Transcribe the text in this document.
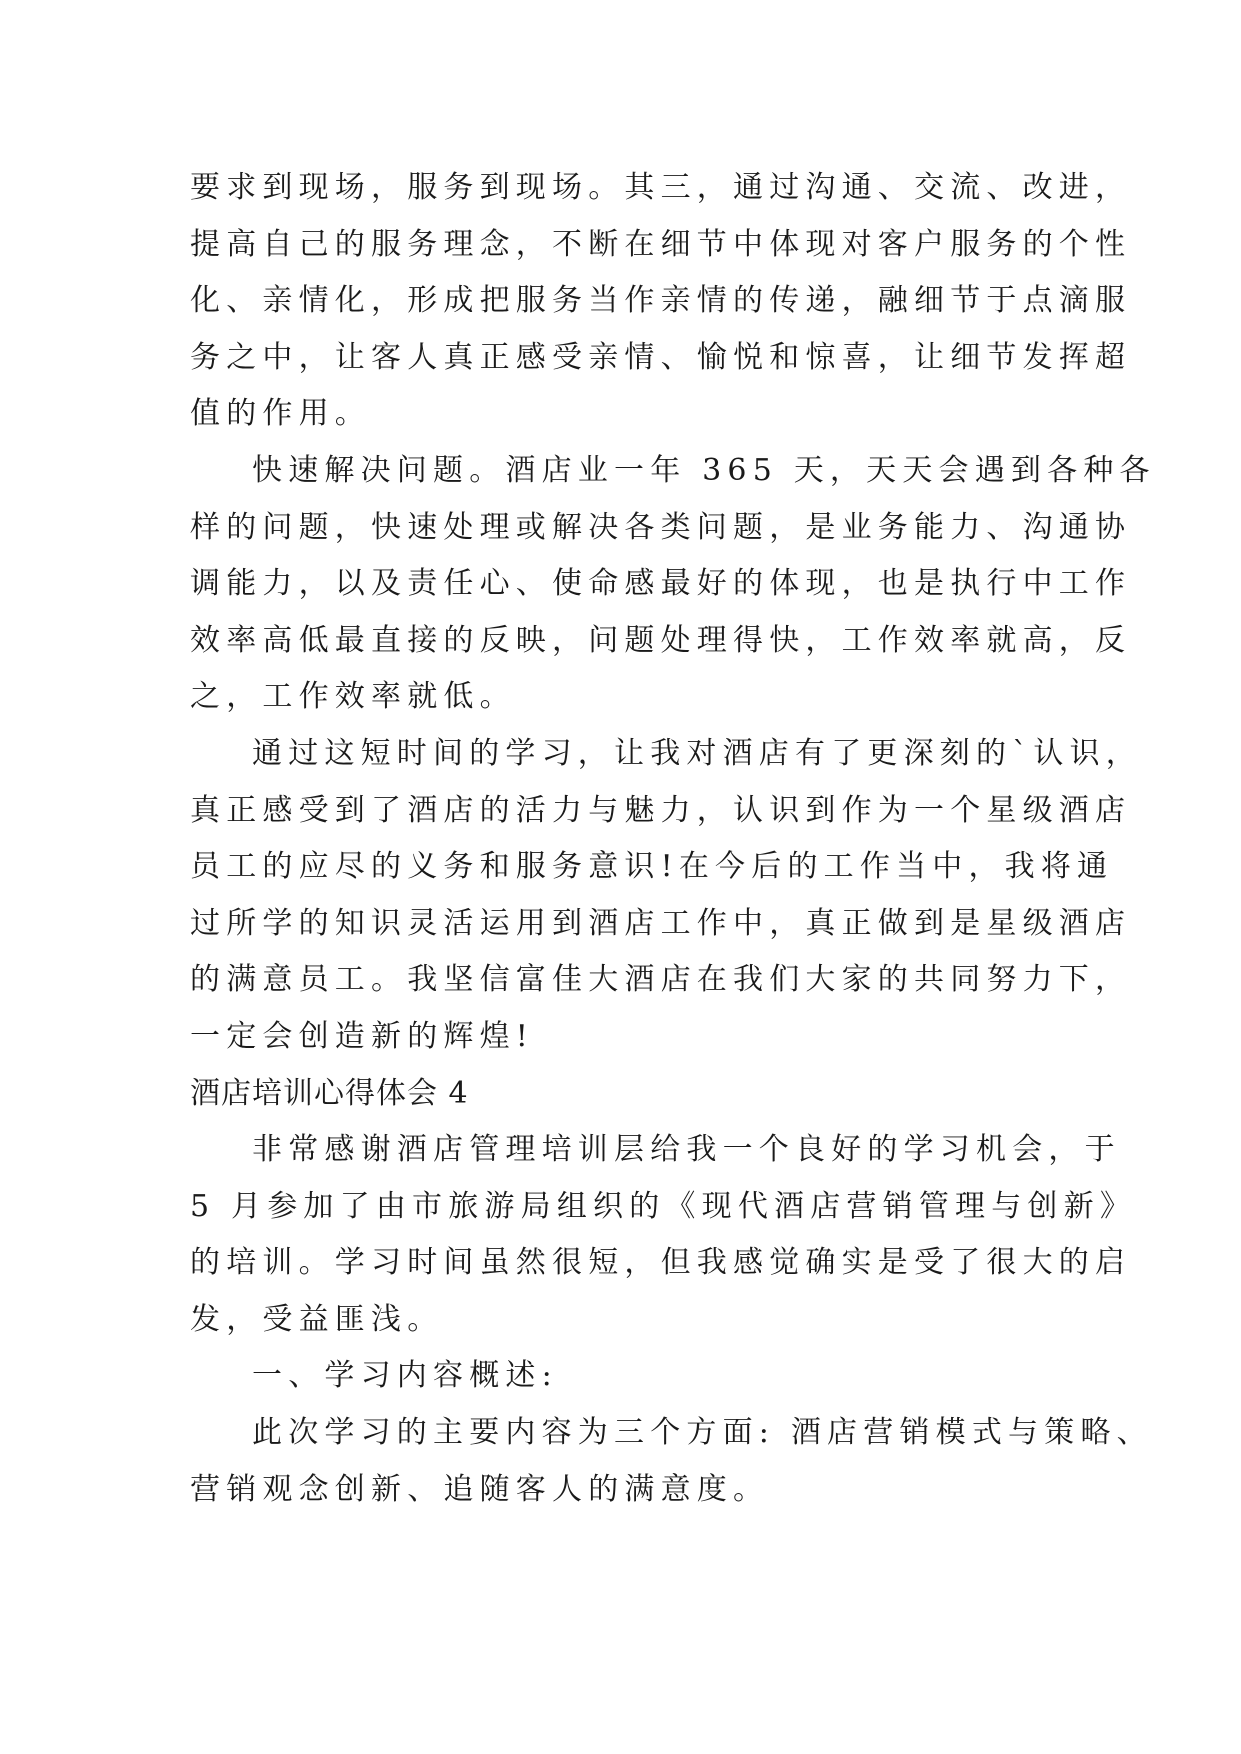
要求到现场，服务到现场。其三，通过沟通、交流、改进，
提高自己的服务理念，不断在细节中体现对客户服务的个性
化、亲情化，形成把服务当作亲情的传递，融细节于点滴服
务之中，让客人真正感受亲情、愉悦和惊喜，让细节发挥超
值的作用。
快速解决问题。酒店业一年 365 天，天天会遇到各种各
样的问题，快速处理或解决各类问题，是业务能力、沟通协
调能力，以及责任心、使命感最好的体现，也是执行中工作
效率高低最直接的反映，问题处理得快，工作效率就高，反
之，工作效率就低。
通过这短时间的学习，让我对酒店有了更深刻的`认识，
真正感受到了酒店的活力与魅力，认识到作为一个星级酒店
员工的应尽的义务和服务意识!在今后的工作当中，我将通
过所学的知识灵活运用到酒店工作中，真正做到是星级酒店
的满意员工。我坚信富佳大酒店在我们大家的共同努力下，
一定会创造新的辉煌!
酒店培训心得体会 4
非常感谢酒店管理培训层给我一个良好的学习机会，于
5 月参加了由市旅游局组织的《现代酒店营销管理与创新》
的培训。学习时间虽然很短，但我感觉确实是受了很大的启
发，受益匪浅。
一、学习内容概述:
此次学习的主要内容为三个方面: 酒店营销模式与策略、
营销观念创新、追随客人的满意度。
